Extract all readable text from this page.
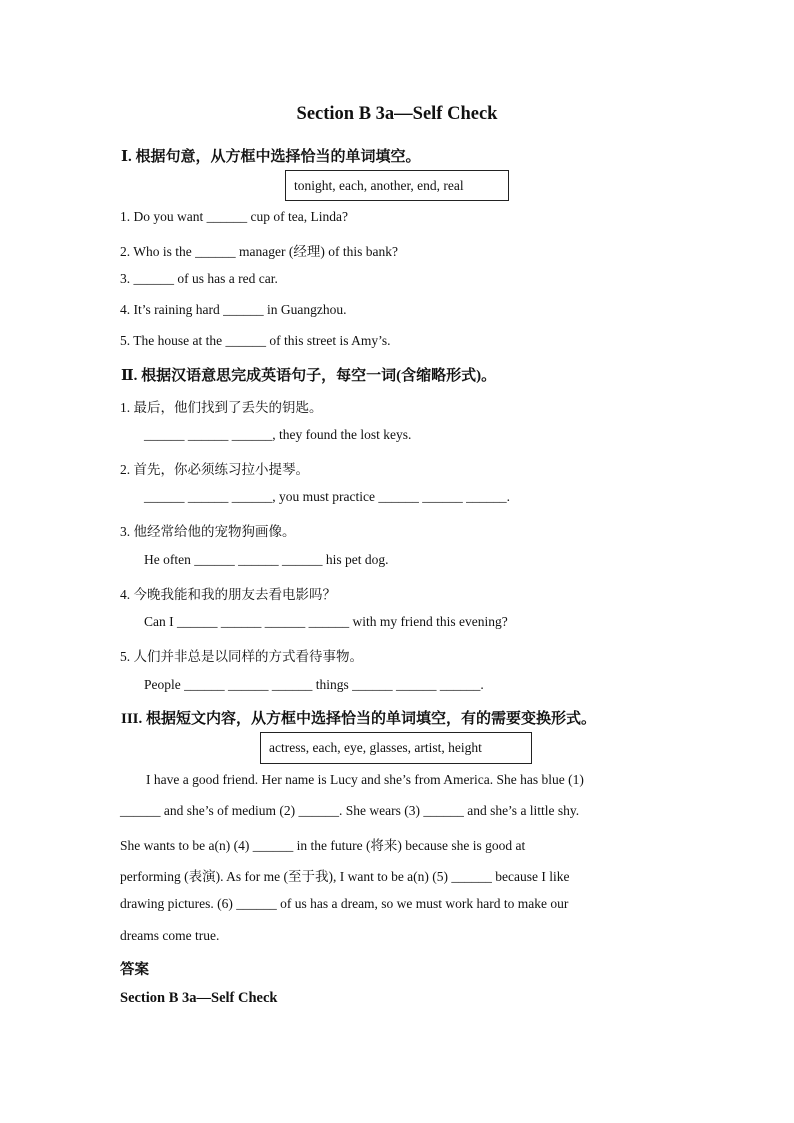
Section B 3a—Self Check
Ⅰ. 根据句意，从方框中选择恰当的单词填空。
tonight, each, another, end, real
1. Do you want ______ cup of tea, Linda?
2. Who is the ______ manager (经理) of this bank?
3. ______ of us has a red car.
4. It’s raining hard ______ in Guangzhou.
5. The house at the ______ of this street is Amy’s.
Ⅱ. 根据汉语意思完成英语句子，每空一词(含缩略形式)。
1. 最后，他们找到了丢失的钥匙。
______ ______ ______, they found the lost keys.
2. 首先，你必须练习拉小提琴。
______ ______ ______, you must practice ______ ______ ______.
3. 他经常给他的宠物狗画像。
He often ______ ______ ______ his pet dog.
4. 今晚我能和我的朋友去看电影吗？
Can I ______ ______ ______ ______ with my friend this evening?
5. 人们并非总是以同样的方式看待事物。
People ______ ______ ______ things ______ ______ ______.
III. 根据短文内容，从方框中选择恰当的单词填空，有的需要变换形式。
actress, each, eye, glasses, artist, height
I have a good friend. Her name is Lucy and she’s from America. She has blue (1)
______ and she’s of medium (2) ______. She wears (3) ______ and she’s a little shy.
She wants to be a(n) (4) ______ in the future (将来) because she is good at
performing (表演). As for me (至于我), I want to be a(n) (5) ______ because I like
drawing pictures. (6) ______ of us has a dream, so we must work hard to make our
dreams come true.
答案
Section B 3a—Self Check
